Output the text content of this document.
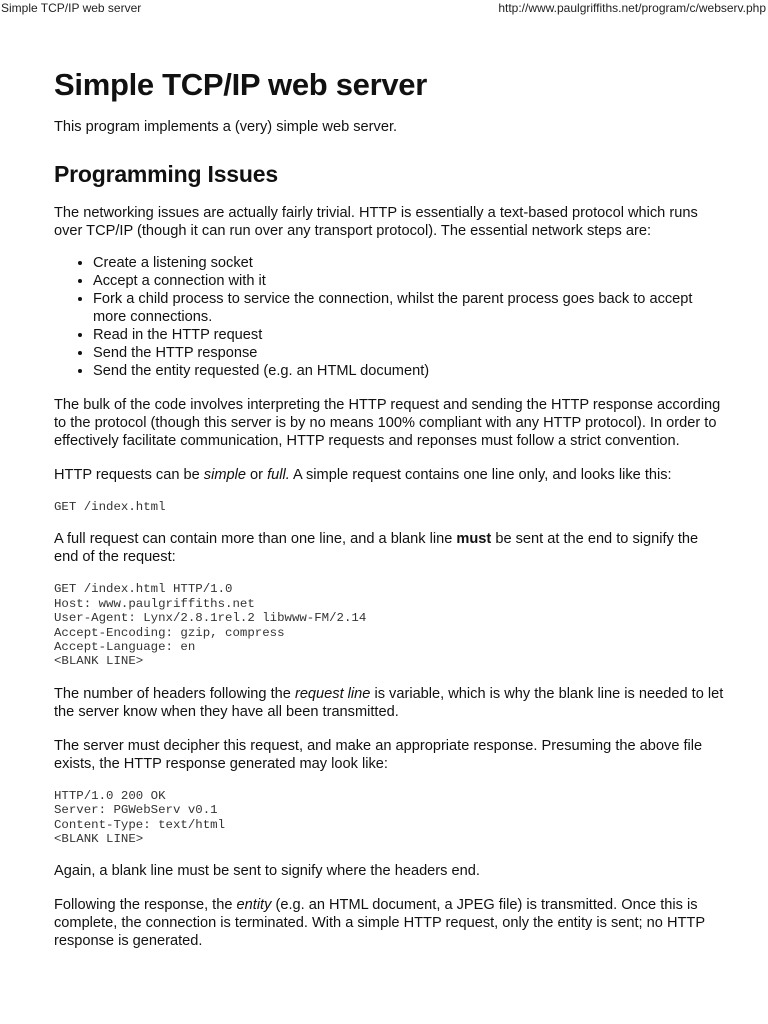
Simple TCP/IP web server	http://www.paulgriffiths.net/program/c/webserv.php
Simple TCP/IP web server

This program implements a (very) simple web server.

Programming Issues

The networking issues are actually fairly trivial. HTTP is essentially a text-based protocol which runs over TCP/IP (though it can run over any transport protocol). The essential network steps are:

• Create a listening socket
• Accept a connection with it
• Fork a child process to service the connection, whilst the parent process goes back to accept more connections.
• Read in the HTTP request
• Send the HTTP response
• Send the entity requested (e.g. an HTML document)

The bulk of the code involves interpreting the HTTP request and sending the HTTP response according to the protocol (though this server is by no means 100% compliant with any HTTP protocol). In order to effectively facilitate communication, HTTP requests and reponses must follow a strict convention.

HTTP requests can be simple or full. A simple request contains one line only, and looks like this:

GET /index.html

A full request can contain more than one line, and a blank line must be sent at the end to signify the end of the request:

GET /index.html HTTP/1.0
Host: www.paulgriffiths.net
User-Agent: Lynx/2.8.1rel.2 libwww-FM/2.14
Accept-Encoding: gzip, compress
Accept-Language: en
<BLANK LINE>

The number of headers following the request line is variable, which is why the blank line is needed to let the server know when they have all been transmitted.

The server must decipher this request, and make an appropriate response. Presuming the above file exists, the HTTP response generated may look like:

HTTP/1.0 200 OK
Server: PGWebServ v0.1
Content-Type: text/html
<BLANK LINE>

Again, a blank line must be sent to signify where the headers end.

Following the response, the entity (e.g. an HTML document, a JPEG file) is transmitted. Once this is complete, the connection is terminated. With a simple HTTP request, only the entity is sent; no HTTP response is generated.
